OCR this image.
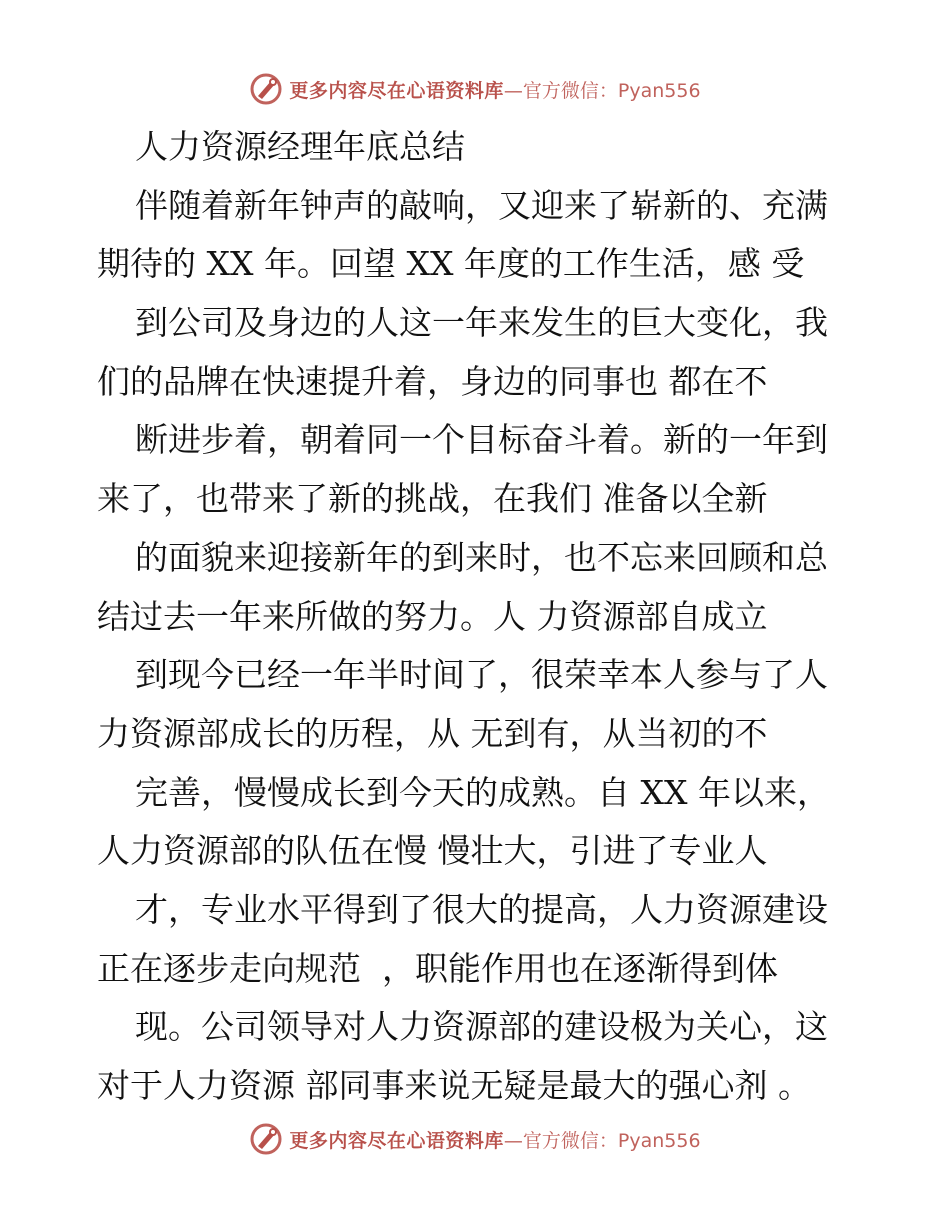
更多内容尽在心语资料库 —官方微信：Pyan556
人力资源经理年底总结
伴随着新年钟声的敲响，又迎来了崭新的、充满
期待的 XX 年。回望 XX 年度的工作生活，感 受
到公司及身边的人这一年来发生的巨大变化，我
们的品牌在快速提升着，身边的同事也 都在不
断进步着，朝着同一个目标奋斗着。新的一年到
来了，也带来了新的挑战，在我们 准备以全新
的面貌来迎接新年的到来时，也不忘来回顾和总
结过去一年来所做的努力。人 力资源部自成立
到现今已经一年半时间了，很荣幸本人参与了人
力资源部成长的历程，从 无到有，从当初的不
完善，慢慢成长到今天的成熟。自 XX 年以来，
人力资源部的队伍在慢 慢壮大，引进了专业人
才，专业水平得到了很大的提高，人力资源建设
正在逐步走向规范  ，职能作用也在逐渐得到体
现。公司领导对人力资源部的建设极为关心，这
对于人力资源 部同事来说无疑是最大的强心剂 。
更多内容尽在心语资料库 —官方微信：Pyan556
